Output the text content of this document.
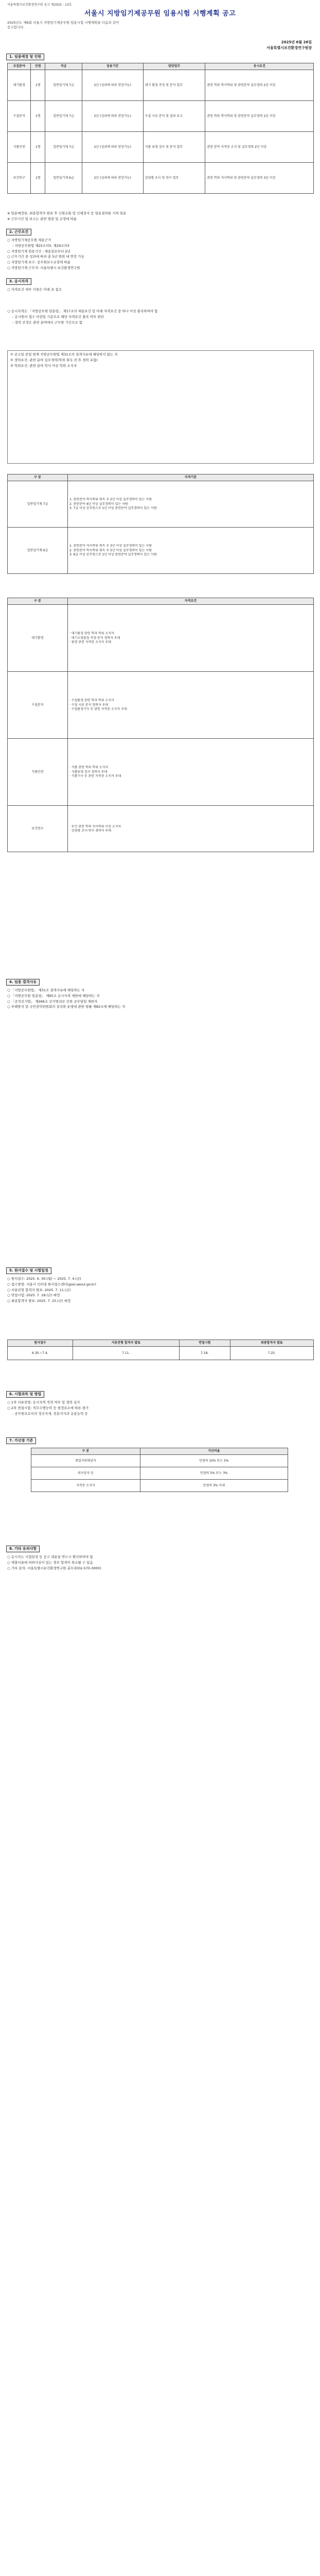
서울특별시보건환경연구원 공고 제2025 - 13호
서울시 지방임기제공무원 임용시험 시행계획 공고
2025년도 제6회 서울시 지방임기제공무원 임용시험 시행계획을 다음과 같이
공고합니다.
2025년 6월 26일
서울특별시보건환경연구원장
1. 임용예정 및 인원
모집분야	인원	직급	임용기간	담당업무	응시요건
대기환경	1명	일반임기제 7급	2년 (성과에 따라 연장가능)	대기 환경 측정 및 분석 업무	관련 학과 학사학위 및 관련분야 실무경력 2년 이상
수질분석	1명	일반임기제 7급	2년 (성과에 따라 연장가능)	수질 시료 분석 및 결과 보고	관련 학과 학사학위 및 관련분야 실무경력 2년 이상
식품안전	1명	일반임기제 7급	2년 (성과에 따라 연장가능)	식품 위생 검사 및 분석 업무	관련 분야 자격증 소지 및 실무경력 2년 이상
보건연구	1명	일반임기제 6급	2년 (성과에 따라 연장가능)	감염병 조사 및 연구 업무	관련 학과 석사학위 및 관련분야 실무경력 3년 이상
※ 임용예정일: 최종합격자 발표 후 신원조회 및 신체검사 등 임용절차를 거쳐 임용
※ 근무시간 및 보수는 관련 법령 및 규정에 따름
2. 근무조건
○ 지방임기제공무원 채용근거
- 지방공무원법 제25조의5, 제29조의3
○ 지방임기제 임용기간 : 채용일로부터 2년
○ 근무기간 중 성과에 따라 총 5년 범위 내 연장 가능
○ 지방임기제 보수: 공무원보수규정에 따름
○ 지방임기제 근무지: 서울특별시 보건환경연구원
3. 응시자격
○ 자격요건 세부 사항은 아래 표 참조
○ 응시자격은 「지방공무원 임용령」 제17조의 채용요건 및 아래 자격요건 중 하나 이상 충족하여야 함
- 응시원서 접수 마감일 기준으로 해당 자격요건 충족 여부 판단
- 경력 산정은 관련 분야에서 근무한 기간으로 함
① 공고일 전일 현재 지방공무원법 제31조의 결격사유에 해당하지 않는 자
② 경력요건: 관련 분야 실무경력(학위 취득 전·후 경력 포함)
③ 학위요건: 관련 분야 학사 이상 학위 소지자
구 분	자격기준
일반임기제 7급	1. 관련분야 학사학위 취득 후 2년 이상 실무경력이 있는 사람
2. 관련분야 4년 이상 실무경력이 있는 사람
3. 7급 이상 공무원으로 1년 이상 관련분야 실무경력이 있는 사람

일반임기제 6급	1. 관련분야 석사학위 취득 후 3년 이상 실무경력이 있는 사람
2. 관련분야 학사학위 취득 후 5년 이상 실무경력이 있는 사람
3. 6급 이상 공무원으로 1년 이상 관련분야 실무경력이 있는 사람
구 분	자격요건
대기환경	· 대기환경 관련 학과 학위 소지자
· 대기오염물질 측정·분석 경력자 우대
· 환경 관련 자격증 소지자 우대

수질분석	· 수질환경 관련 학과 학위 소지자
· 수질 시료 분석 경력자 우대
· 수질환경기사 등 관련 자격증 소지자 우대

식품안전	· 식품 관련 학과 학위 소지자
· 식품위생 검사 경력자 우대
· 식품기사 등 관련 자격증 소지자 우대

보건연구	· 보건 관련 학과 석사학위 이상 소지자
· 감염병 조사·연구 경력자 우대
4. 임용 결격사유
○ 「지방공무원법」 제31조 결격사유에 해당하는 자
○ 「지방공무원 임용령」 제65조 응시자격 제한에 해당하는 자
○ 「공직선거법」 제266조 선거범죄로 인한 공무담임 제한자
○ 부패방지 및 국민권익위원회의 설치와 운영에 관한 법률 제82조에 해당하는 자
5. 원서접수 및 시험일정
○ 원서접수: 2025. 6. 30.(월) ~ 2025. 7. 4.(금)
○ 접수방법: 서울시 인터넷 원서접수센터(gosi.seoul.go.kr)
○ 서류전형 합격자 발표: 2025. 7. 11.(금)
○ 면접시험: 2025. 7. 18.(금) 예정
○ 최종합격자 발표: 2025. 7. 25.(금) 예정
원서접수	서류전형 합격자 발표	면접시험	최종합격자 발표
6.30.~7.4.	7.11.	7.18.	7.25.
6. 시험과목 및 방법
○ 1차 서류전형: 응시자격 적격 여부 및 경력 심사
○ 2차 면접시험: 직무수행능력 등 평정요소에 따른 평가
- 공무원으로서의 정신자세, 전문지식과 응용능력 등
7. 가산점 기준
구 분	가산비율
취업지원대상자	만점의 10% 또는 5%
의사상자 등	만점의 5% 또는 3%
자격증 소지자	만점의 3% 이내
8. 기타 유의사항
○ 응시자는 시험일정 등 공고 내용을 반드시 확인하여야 함
○ 제출서류에 허위사실이 있는 경우 합격이 취소될 수 있음
○ 기타 문의: 서울특별시보건환경연구원 총무과(02-570-3000)
